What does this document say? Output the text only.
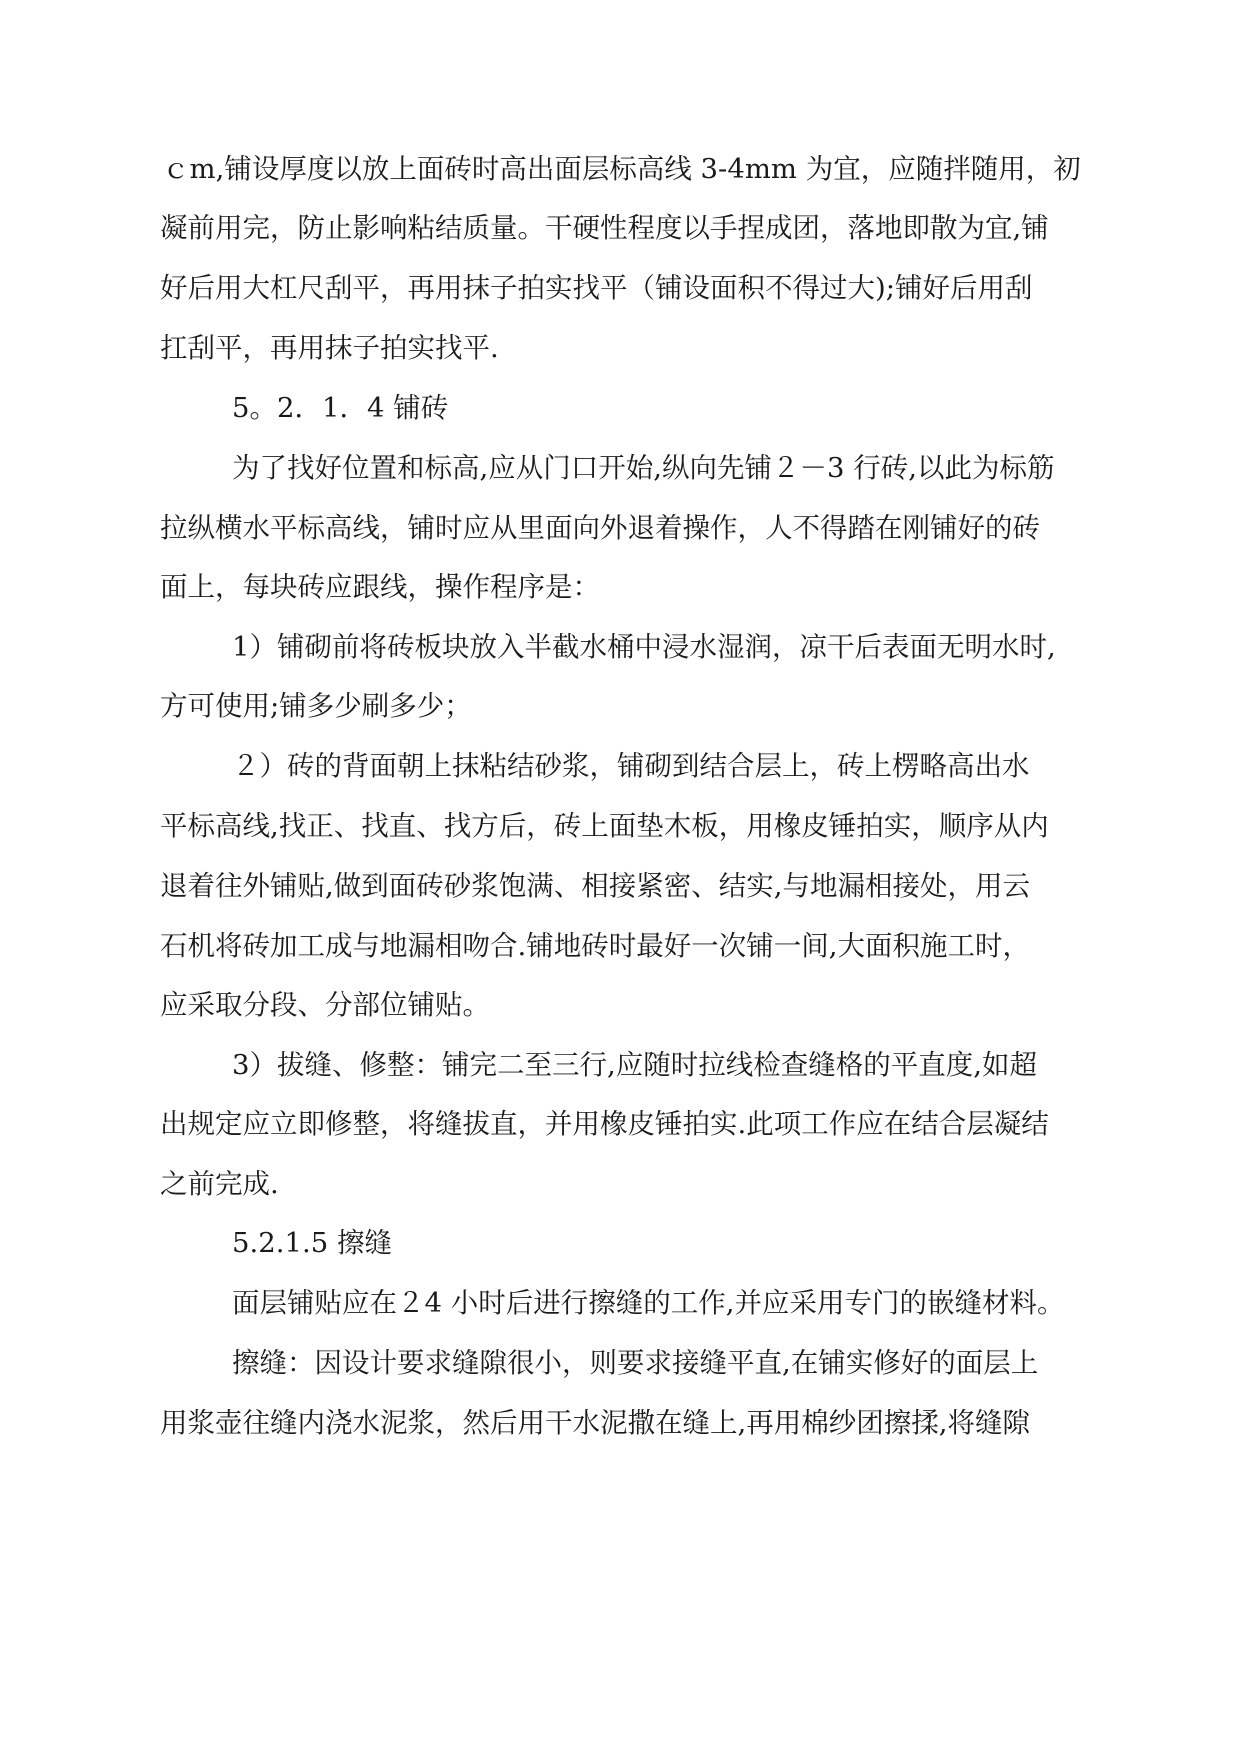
ｃm,铺设厚度以放上面砖时高出面层标高线 3-4mm 为宜，应随拌随用，初
凝前用完，防止影响粘结质量。干硬性程度以手捏成团，落地即散为宜,铺
好后用大杠尺刮平，再用抹子拍实找平（铺设面积不得过大);铺好后用刮
扛刮平，再用抹子拍实找平.
5。2．1．4 铺砖
为了找好位置和标高,应从门口开始,纵向先铺２－3 行砖,以此为标筋
拉纵横水平标高线，铺时应从里面向外退着操作，人不得踏在刚铺好的砖
面上，每块砖应跟线，操作程序是：
1）铺砌前将砖板块放入半截水桶中浸水湿润，凉干后表面无明水时,
方可使用;铺多少刷多少；
２）砖的背面朝上抹粘结砂浆，铺砌到结合层上，砖上楞略高出水
平标高线,找正、找直、找方后，砖上面垫木板，用橡皮锤拍实，顺序从内
退着往外铺贴,做到面砖砂浆饱满、相接紧密、结实,与地漏相接处，用云
石机将砖加工成与地漏相吻合.铺地砖时最好一次铺一间,大面积施工时，
应采取分段、分部位铺贴。
3）拔缝、修整：铺完二至三行,应随时拉线检查缝格的平直度,如超
出规定应立即修整，将缝拔直，并用橡皮锤拍实.此项工作应在结合层凝结
之前完成.
5.2.1.5 擦缝
面层铺贴应在２4 小时后进行擦缝的工作,并应采用专门的嵌缝材料。
擦缝：因设计要求缝隙很小，则要求接缝平直,在铺实修好的面层上
用浆壶往缝内浇水泥浆，然后用干水泥撒在缝上,再用棉纱团擦揉,将缝隙
